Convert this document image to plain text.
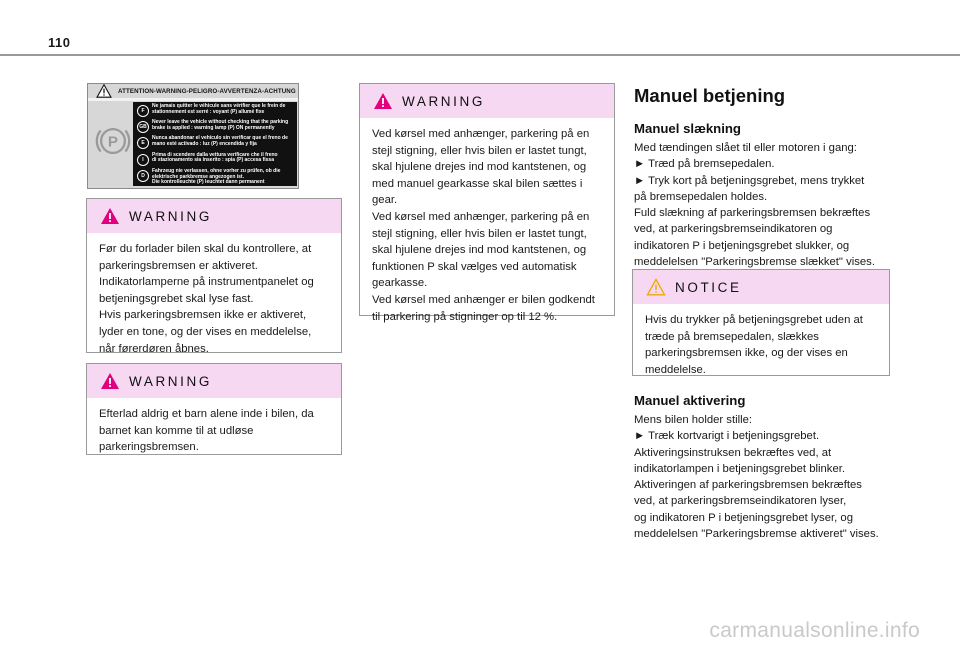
110
ATTENTION-WARNING-PELIGRO-AVVERTENZA-ACHTUNG
P
F
Ne jamais quitter le véhicule sans vérifier que le frein de
stationnement est serré : voyant (P) allumé fixe
GB
Never leave the vehicle without checking that the parking
brake is applied : warning lamp (P) ON permanently
E
Nunca abandonar el vehículo sin verificar que el freno de
mano esté activado : luz (P) encendida y fija
I
Prima di scendere dalla vettura verificare che il freno
di stazionamento sia inserito : spia (P) accesa fissa
D
Fahrzeug nie verlassen, ohne vorher zu prüfen, ob die
elektrische parkbremse angezogen ist.
Die kontrolleuchte (P) leuchtet dann permanent
WARNING

Før du forlader bilen skal du kontrollere, at

parkeringsbremsen er aktiveret.

Indikatorlamperne på instrumentpanelet og

betjeningsgrebet skal lyse fast.

Hvis parkeringsbremsen ikke er aktiveret,

lyder en tone, og der vises en meddelelse,

når førerdøren åbnes.

WARNING

Efterlad aldrig et barn alene inde i bilen, da

barnet kan komme til at udløse

parkeringsbremsen.

WARNING

Ved kørsel med anhænger, parkering på en

stejl stigning, eller hvis bilen er lastet tungt,

skal hjulene drejes ind mod kantstenen, og

med manuel gearkasse skal bilen sættes i

gear.

Ved kørsel med anhænger, parkering på en

stejl stigning, eller hvis bilen er lastet tungt,

skal hjulene drejes ind mod kantstenen, og

funktionen P skal vælges ved automatisk

gearkasse.

Ved kørsel med anhænger er bilen godkendt

til parkering på stigninger op til 12 %.

Manuel betjening
Manuel slækning

Med tændingen slået til eller motoren i gang:

► Træd på bremsepedalen.

► Tryk kort på betjeningsgrebet, mens trykket

på bremsepedalen holdes.

Fuld slækning af parkeringsbremsen bekræftes

ved, at parkeringsbremseindikatoren og

indikatoren P i betjeningsgrebet slukker, og

meddelelsen "Parkeringsbremse slækket" vises.

NOTICE

Hvis du trykker på betjeningsgrebet uden at

træde på bremsepedalen, slækkes

parkeringsbremsen ikke, og der vises en

meddelelse.

Manuel aktivering

Mens bilen holder stille:

► Træk kortvarigt i betjeningsgrebet.

Aktiveringsinstruksen bekræftes ved, at

indikatorlampen i betjeningsgrebet blinker.

Aktiveringen af parkeringsbremsen bekræftes

ved, at parkeringsbremseindikatoren lyser,

og indikatoren P i betjeningsgrebet lyser, og

meddelelsen "Parkeringsbremse aktiveret" vises.

carmanualsonline.info
